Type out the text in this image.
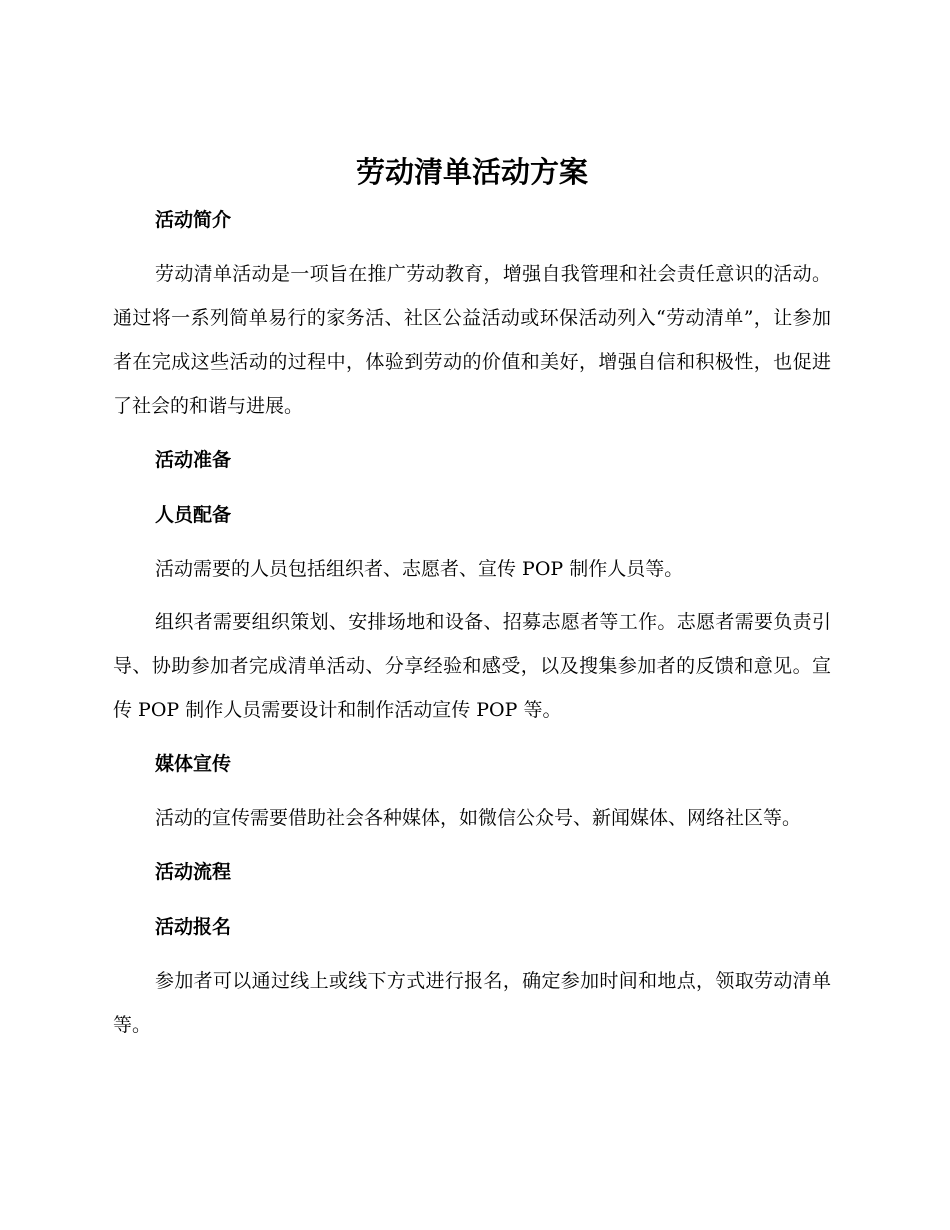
劳动清单活动方案
活动简介

劳动清单活动是一项旨在推广劳动教育，增强自我管理和社会责任意识的活动。通过将一系列简单易行的家务活、社区公益活动或环保活动列入“劳动清单”，让参加者在完成这些活动的过程中，体验到劳动的价值和美好，增强自信和积极性，也促进了社会的和谐与进展。

活动准备
人员配备

活动需要的人员包括组织者、志愿者、宣传 POP 制作人员等。

组织者需要组织策划、安排场地和设备、招募志愿者等工作。志愿者需要负责引导、协助参加者完成清单活动、分享经验和感受，以及搜集参加者的反馈和意见。宣传 POP 制作人员需要设计和制作活动宣传 POP 等。

媒体宣传

活动的宣传需要借助社会各种媒体，如微信公众号、新闻媒体、网络社区等。

活动流程
活动报名

参加者可以通过线上或线下方式进行报名，确定参加时间和地点，领取劳动清单等。
